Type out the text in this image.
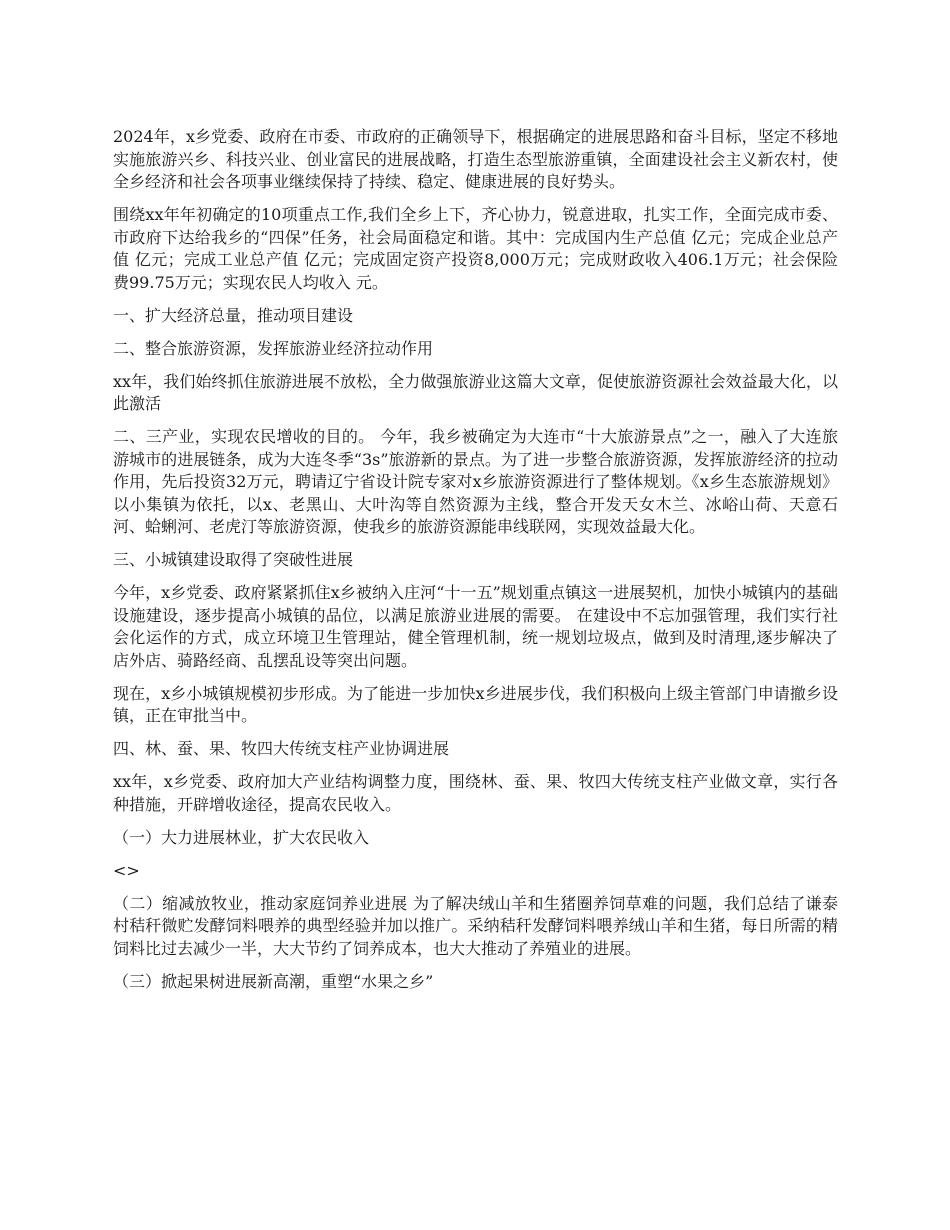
2024年，x乡党委、政府在市委、市政府的正确领导下，根据确定的进展思路和奋斗目标，坚定不移地实施旅游兴乡、科技兴业、创业富民的进展战略，打造生态型旅游重镇，全面建设社会主义新农村，使全乡经济和社会各项事业继续保持了持续、稳定、健康进展的良好势头。

围绕xx年年初确定的10项重点工作,我们全乡上下，齐心协力，锐意进取，扎实工作，全面完成市委、市政府下达给我乡的“四保”任务，社会局面稳定和谐。其中：完成国内生产总值 亿元；完成企业总产值 亿元；完成工业总产值 亿元；完成固定资产投资8,000万元；完成财政收入406.1万元；社会保险费99.75万元；实现农民人均收入 元。

一、扩大经济总量，推动项目建设

二、整合旅游资源，发挥旅游业经济拉动作用

xx年，我们始终抓住旅游进展不放松，全力做强旅游业这篇大文章，促使旅游资源社会效益最大化，以此激活

二、三产业，实现农民增收的目的。 今年，我乡被确定为大连市“十大旅游景点”之一，融入了大连旅游城市的进展链条，成为大连冬季“3s”旅游新的景点。为了进一步整合旅游资源，发挥旅游经济的拉动作用，先后投资32万元，聘请辽宁省设计院专家对x乡旅游资源进行了整体规划。《x乡生态旅游规划》以小集镇为依托，以x、老黑山、大叶沟等自然资源为主线，整合开发天女木兰、冰峪山荷、天意石河、蛤蜊河、老虎汀等旅游资源，使我乡的旅游资源能串线联网，实现效益最大化。

三、小城镇建设取得了突破性进展

今年，x乡党委、政府紧紧抓住x乡被纳入庄河“十一五”规划重点镇这一进展契机，加快小城镇内的基础设施建设，逐步提高小城镇的品位，以满足旅游业进展的需要。 在建设中不忘加强管理，我们实行社会化运作的方式，成立环境卫生管理站，健全管理机制，统一规划垃圾点，做到及时清理,逐步解决了店外店、骑路经商、乱摆乱设等突出问题。

现在，x乡小城镇规模初步形成。为了能进一步加快x乡进展步伐，我们积极向上级主管部门申请撤乡设镇，正在审批当中。

四、林、蚕、果、牧四大传统支柱产业协调进展

xx年，x乡党委、政府加大产业结构调整力度，围绕林、蚕、果、牧四大传统支柱产业做文章，实行各种措施，开辟增收途径，提高农民收入。

（一）大力进展林业，扩大农民收入

<>

（二）缩减放牧业，推动家庭饲养业进展 为了解决绒山羊和生猪圈养饲草难的问题，我们总结了谦泰村秸秆微贮发酵饲料喂养的典型经验并加以推广。采纳秸秆发酵饲料喂养绒山羊和生猪，每日所需的精饲料比过去减少一半，大大节约了饲养成本，也大大推动了养殖业的进展。

（三）掀起果树进展新高潮，重塑“水果之乡”
